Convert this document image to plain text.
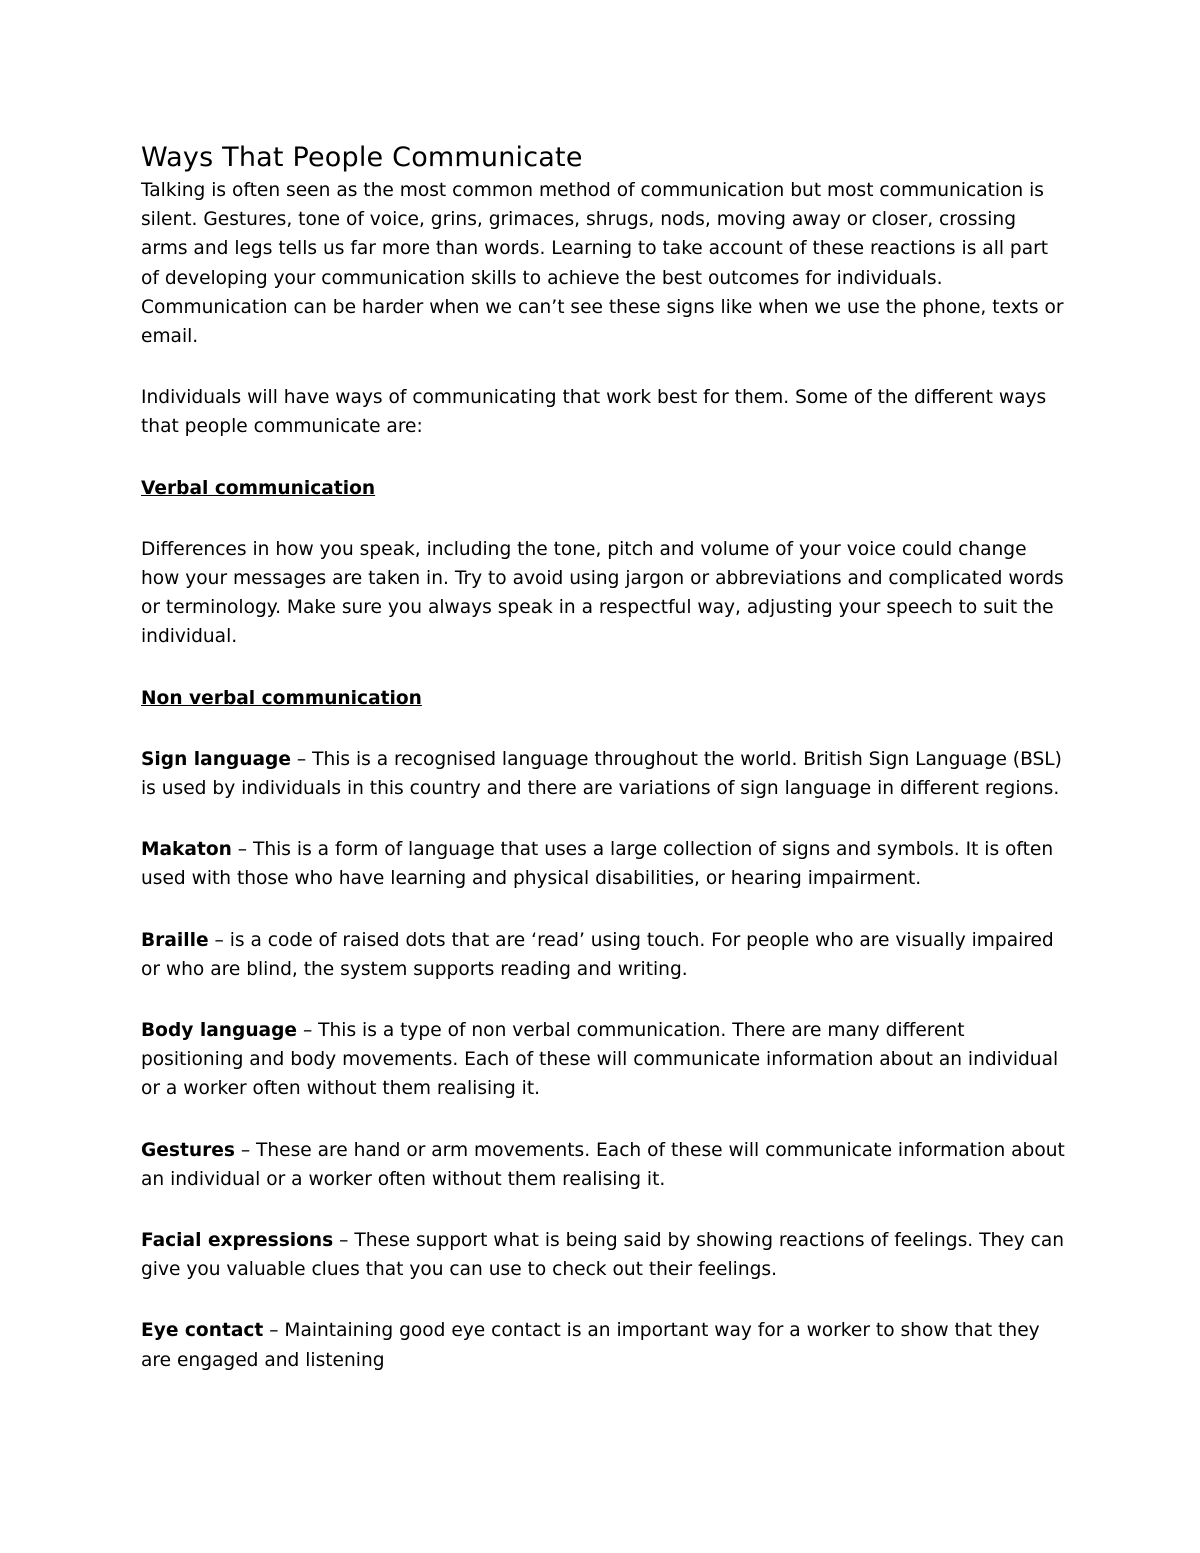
Ways That People Communicate

Talking is often seen as the most common method of communication but most communication is silent. Gestures, tone of voice, grins, grimaces, shrugs, nods, moving away or closer, crossing arms and legs tells us far more than words. Learning to take account of these reactions is all part of developing your communication skills to achieve the best outcomes for individuals. Communication can be harder when we can’t see these signs like when we use the phone, texts or email.

Individuals will have ways of communicating that work best for them. Some of the different ways that people communicate are:

Verbal communication

Differences in how you speak, including the tone, pitch and volume of your voice could change how your messages are taken in. Try to avoid using jargon or abbreviations and complicated words or terminology. Make sure you always speak in a respectful way, adjusting your speech to suit the individual.

Non verbal communication

Sign language – This is a recognised language throughout the world. British Sign Language (BSL) is used by individuals in this country and there are variations of sign language in different regions.

Makaton – This is a form of language that uses a large collection of signs and symbols. It is often used with those who have learning and physical disabilities, or hearing impairment.

Braille – is a code of raised dots that are ‘read’ using touch. For people who are visually impaired or who are blind, the system supports reading and writing.

Body language – This is a type of non verbal communication. There are many different positioning and body movements. Each of these will communicate information about an individual or a worker often without them realising it.

Gestures – These are hand or arm movements. Each of these will communicate information about an individual or a worker often without them realising it.

Facial expressions – These support what is being said by showing reactions of feelings. They can give you valuable clues that you can use to check out their feelings.

Eye contact – Maintaining good eye contact is an important way for a worker to show that they are engaged and listening
